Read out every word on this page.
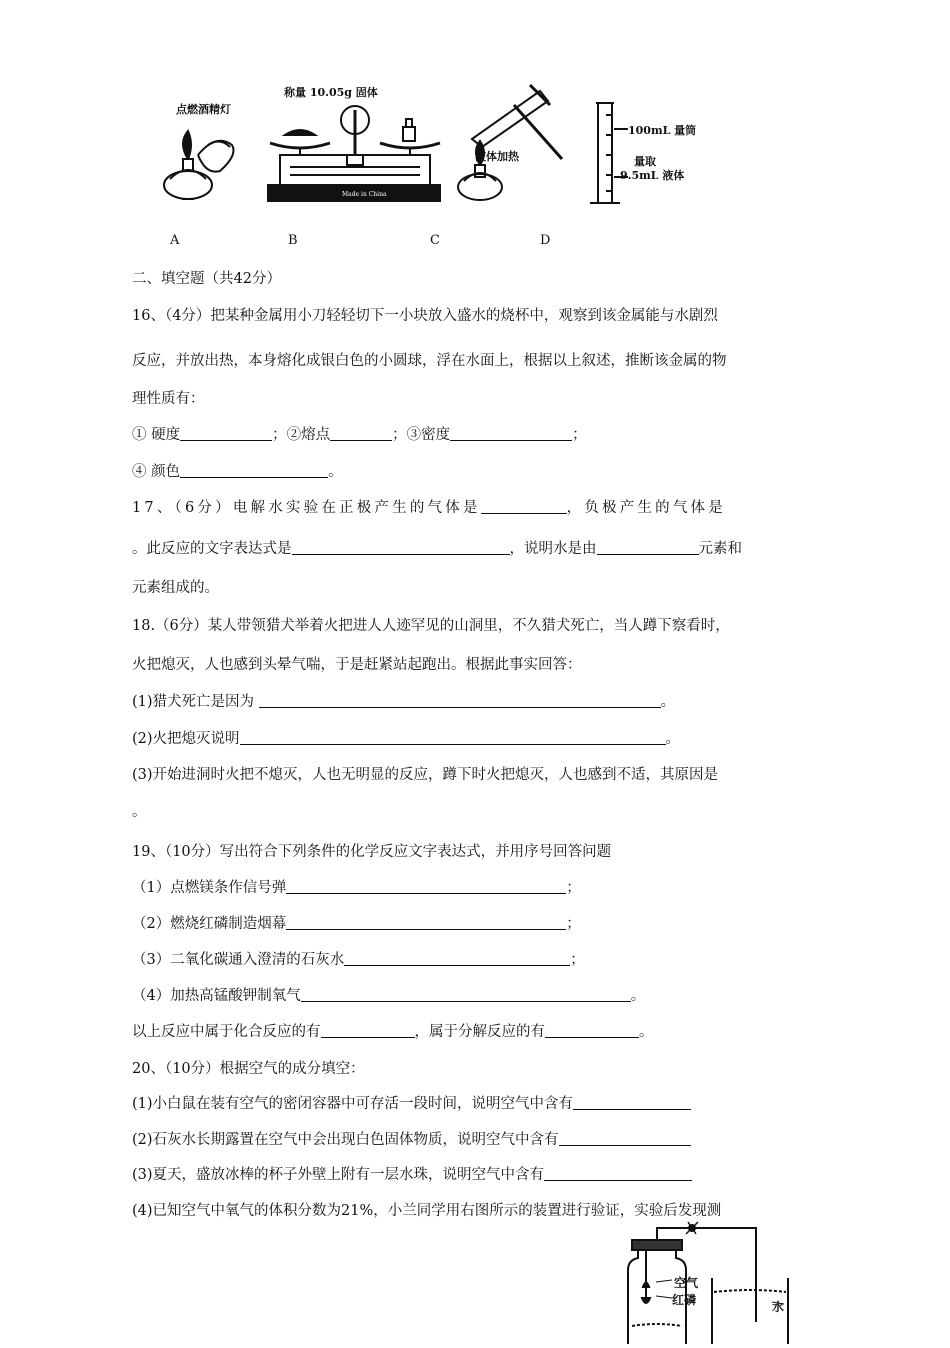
点燃酒精灯
称量 10.05g 固体
液体加热
100mL 量筒
量取
9.5mL 液体
Made in China
A	B	C	D
二、填空题（共42分）
16、（4分）把某种金属用小刀轻轻切下一小块放入盛水的烧杯中，观察到该金属能与水剧烈
反应，并放出热，本身熔化成银白色的小圆球，浮在水面上，根据以上叙述，推断该金属的物
理性质有：
① 硬度	；②熔点	；③密度	；
④ 颜色	。
17、（6分）电解水实验在正极产生的气体是	，负极产生的气体是
。此反应的文字表达式是	，说明水是由	元素和
元素组成的。
18.（6分）某人带领猎犬举着火把进人人迹罕见的山洞里，不久猎犬死亡，当人蹲下察看时，
火把熄灭，人也感到头晕气喘，于是赶紧站起跑出。根据此事实回答：
(1)猎犬死亡是因为	。
(2)火把熄灭说明	。
(3)开始进洞时火把不熄灭，人也无明显的反应，蹲下时火把熄灭，人也感到不适，其原因是
。
19、（10分）写出符合下列条件的化学反应文字表达式，并用序号回答问题
（1）点燃镁条作信号弹	；
（2）燃烧红磷制造烟幕	；
（3）二氧化碳通入澄清的石灰水	；
（4）加热高锰酸钾制氧气	。
以上反应中属于化合反应的有	，属于分解反应的有	。
20、（10分）根据空气的成分填空：
(1)小白鼠在装有空气的密闭容器中可存活一段时间，说明空气中含有
(2)石灰水长期露置在空气中会出现白色固体物质，说明空气中含有
(3)夏天，盛放冰棒的杯子外壁上附有一层水珠，说明空气中含有
(4)已知空气中氧气的体积分数为21%，小兰同学用右图所示的装置进行验证，实验后发现测
空气
红磷	水
